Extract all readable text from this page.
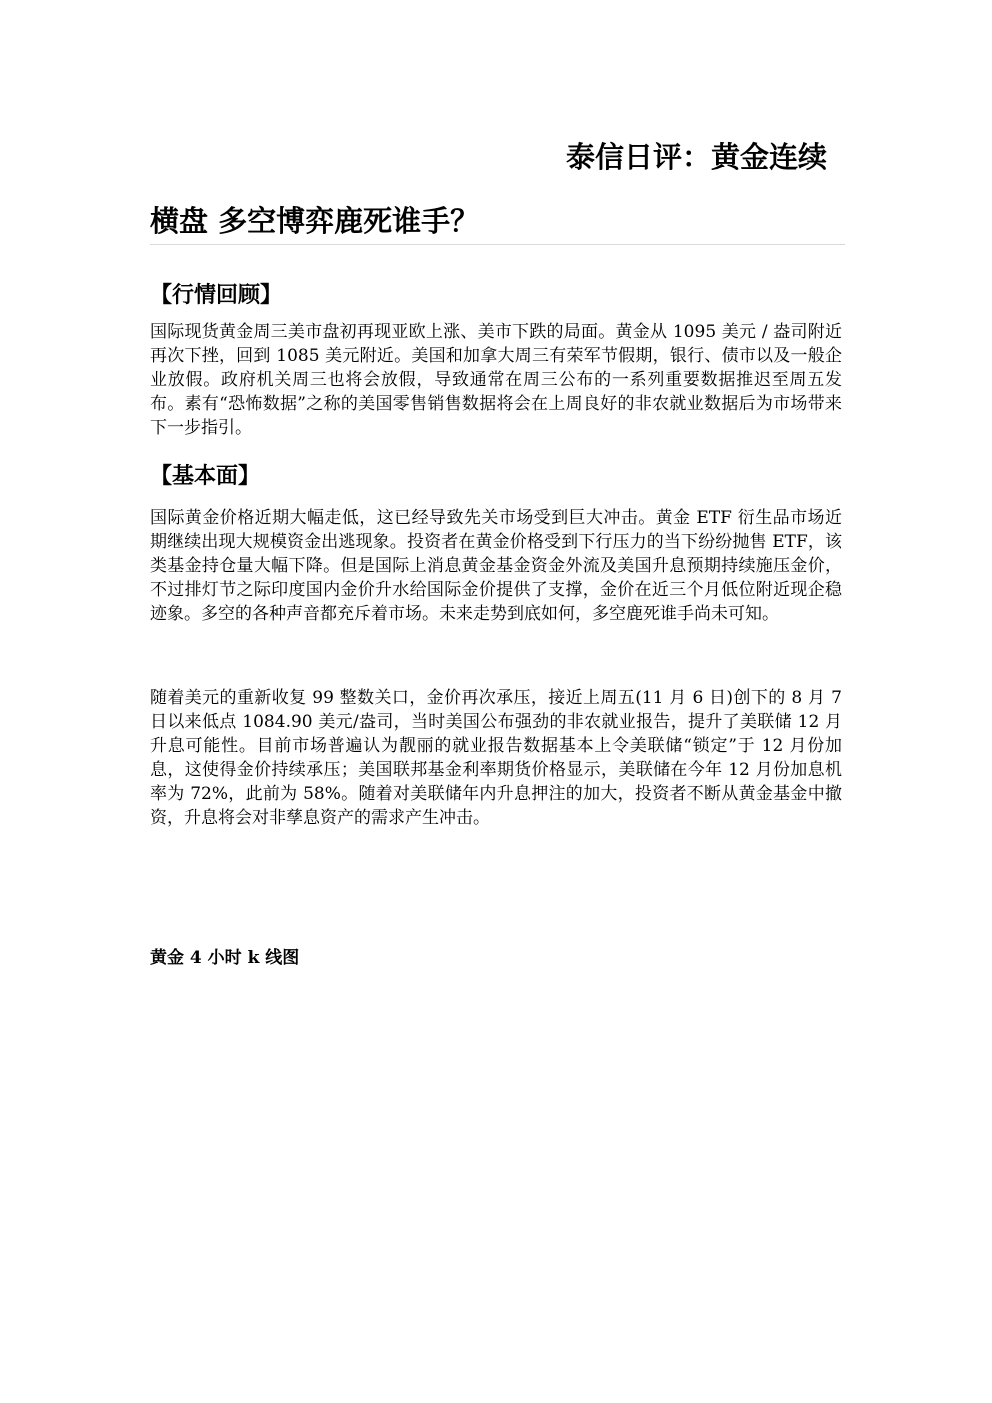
泰信日评：黄金连续
横盘 多空博弈鹿死谁手？
【行情回顾】

国际现货黄金周三美市盘初再现亚欧上涨、美市下跌的局面。黄金从 1095 美元 / 盎司附近再次下挫，回到 1085 美元附近。美国和加拿大周三有荣军节假期，银行、债市以及一般企业放假。政府机关周三也将会放假，导致通常在周三公布的一系列重要数据推迟至周五发布。素有“恐怖数据”之称的美国零售销售数据将会在上周良好的非农就业数据后为市场带来下一步指引。

【基本面】

国际黄金价格近期大幅走低，这已经导致先关市场受到巨大冲击。黄金 ETF 衍生品市场近期继续出现大规模资金出逃现象。投资者在黄金价格受到下行压力的当下纷纷抛售 ETF，该类基金持仓量大幅下降。但是国际上消息黄金基金资金外流及美国升息预期持续施压金价，不过排灯节之际印度国内金价升水给国际金价提供了支撑，金价在近三个月低位附近现企稳迹象。多空的各种声音都充斥着市场。未来走势到底如何，多空鹿死谁手尚未可知。

随着美元的重新收复 99 整数关口，金价再次承压，接近上周五(11 月 6 日)创下的 8 月 7 日以来低点 1084.90 美元/盎司，当时美国公布强劲的非农就业报告，提升了美联储 12 月升息可能性。目前市场普遍认为靓丽的就业报告数据基本上令美联储“锁定”于 12 月份加息，这使得金价持续承压；美国联邦基金利率期货价格显示，美联储在今年 12 月份加息机率为 72%，此前为 58%。随着对美联储年内升息押注的加大，投资者不断从黄金基金中撤资，升息将会对非孳息资产的需求产生冲击。

黄金 4 小时 k 线图
